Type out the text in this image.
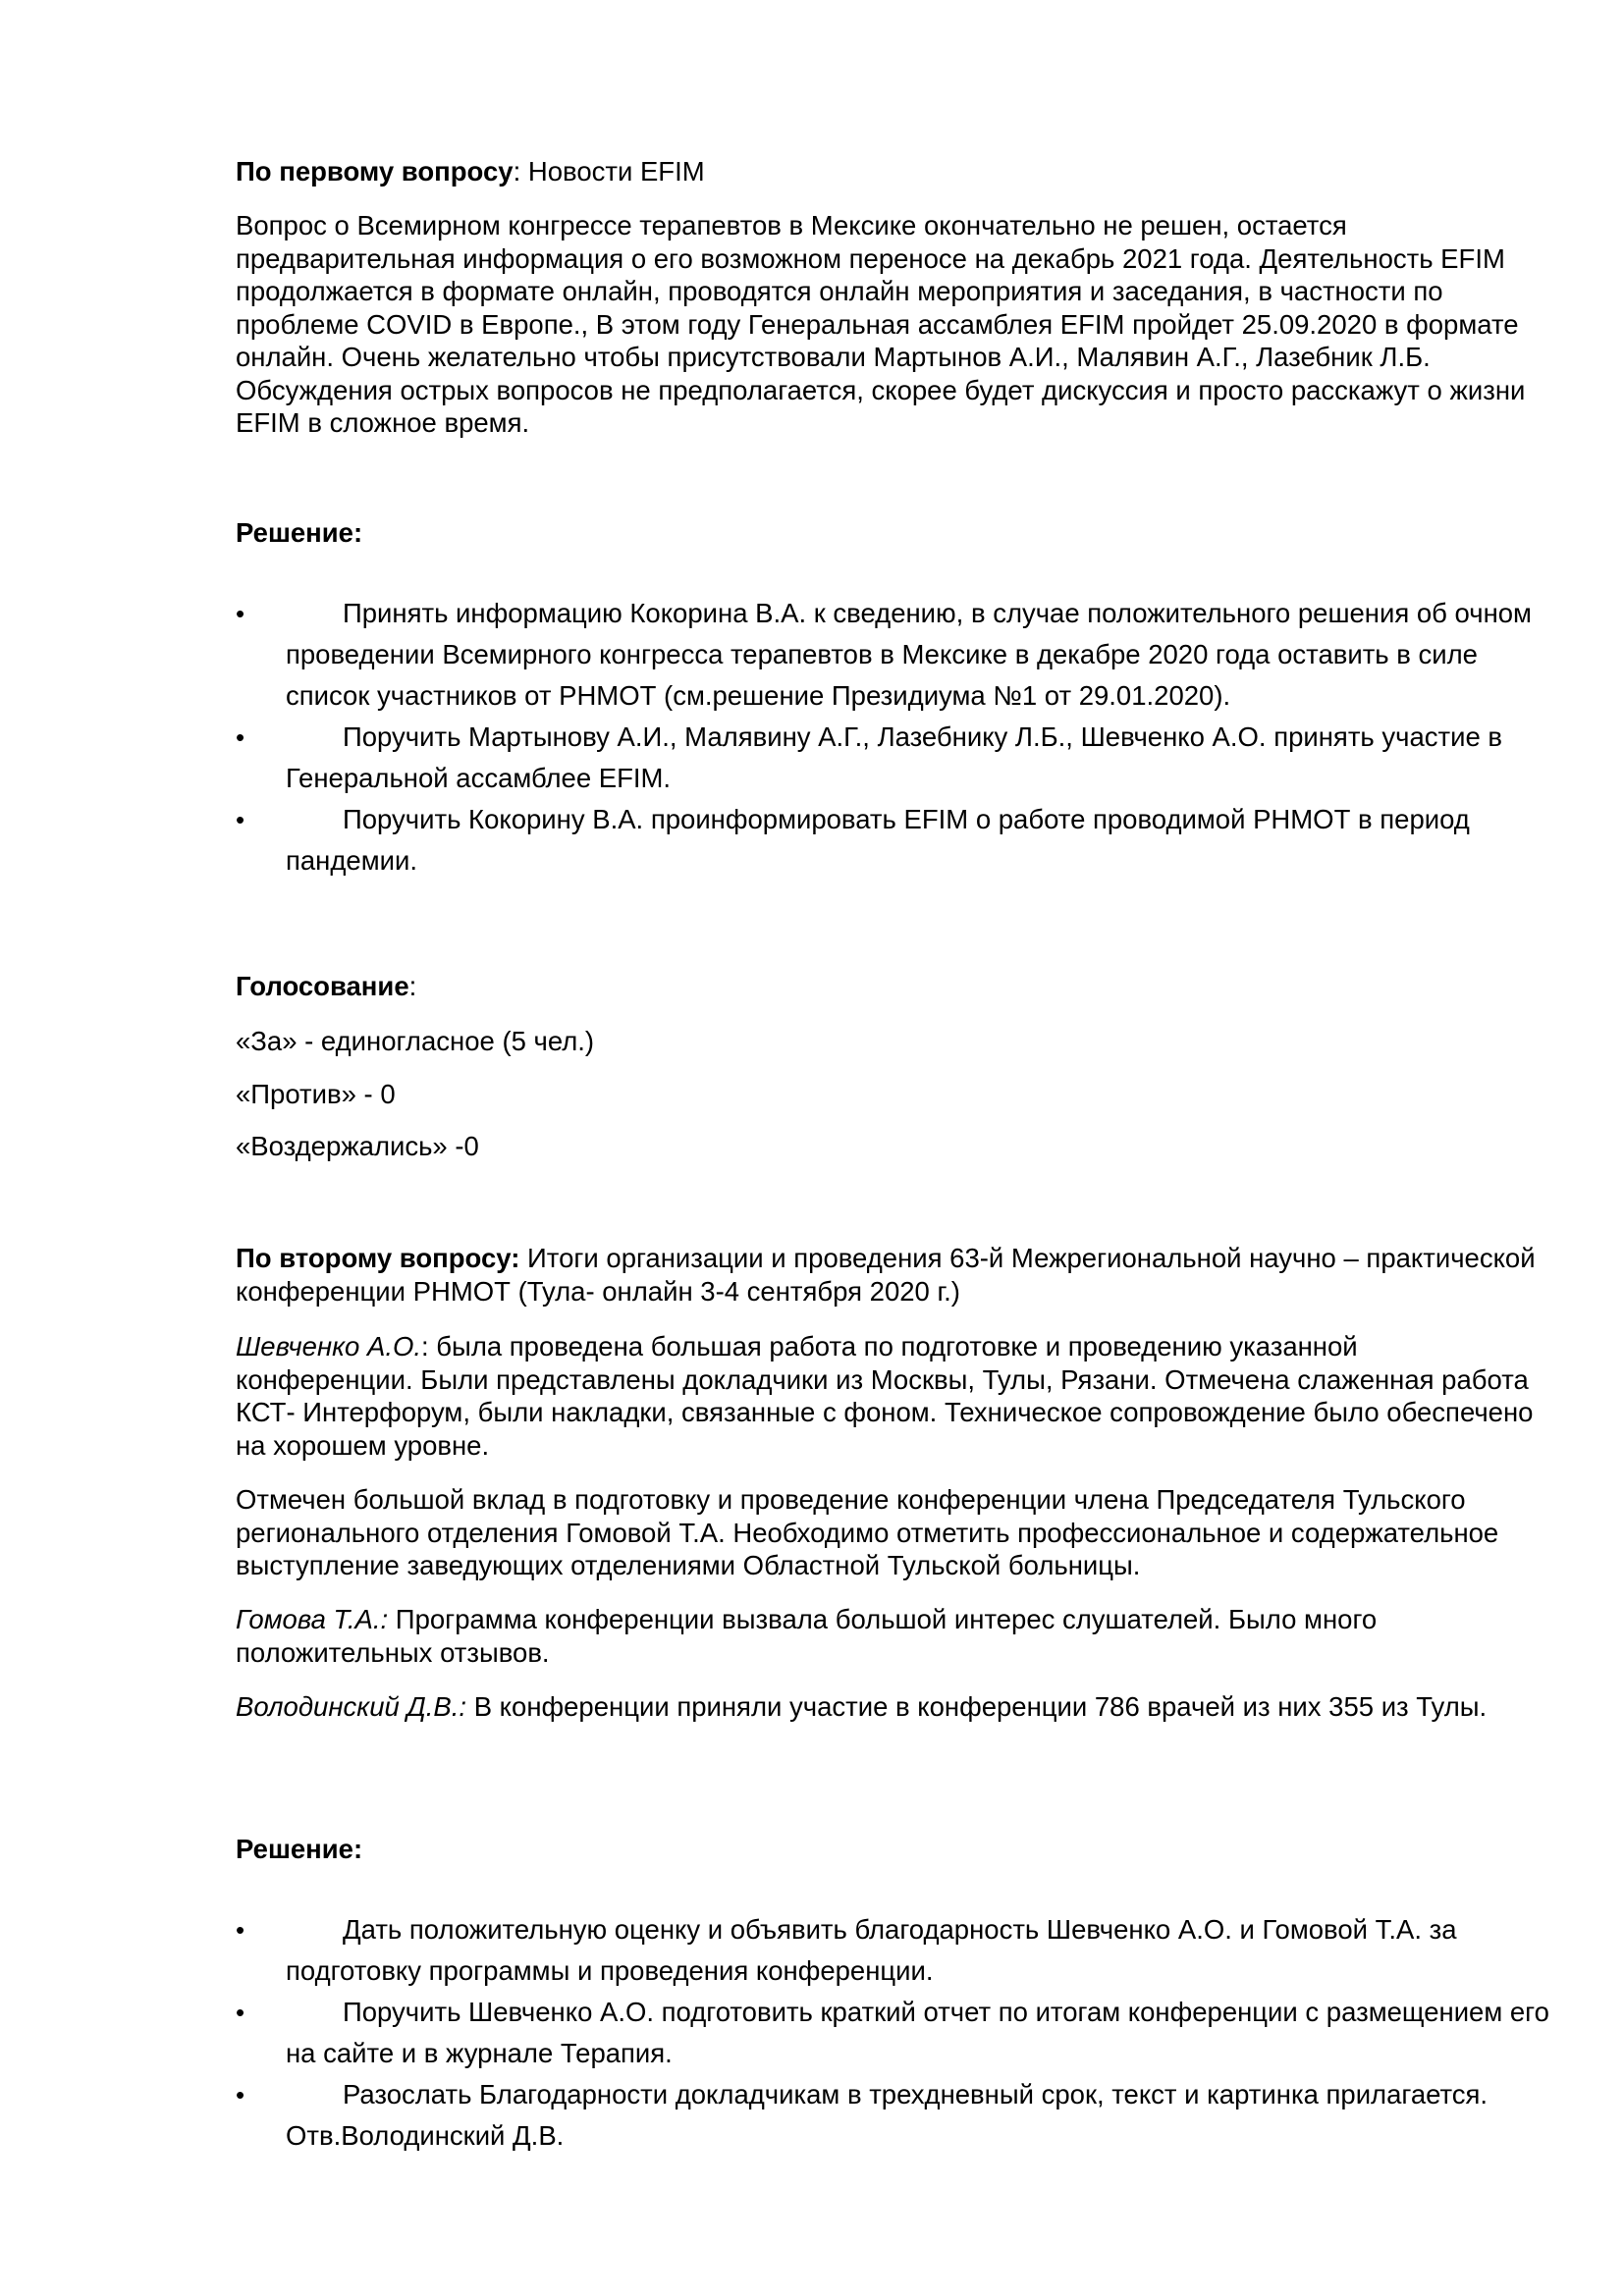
По первому вопросу: Новости EFIM

Вопрос о Всемирном конгрессе терапевтов в Мексике окончательно не решен, остается предварительная информация о его возможном переносе на декабрь 2021 года. Деятельность EFIM продолжается в формате онлайн, проводятся онлайн мероприятия и заседания, в частности по проблеме COVID в Европе., В этом году Генеральная ассамблея EFIM пройдет 25.09.2020 в формате онлайн. Очень желательно чтобы присутствовали Мартынов А.И., Малявин А.Г., Лазебник Л.Б. Обсуждения острых вопросов не предполагается, скорее будет дискуссия и просто расскажут о жизни EFIM в сложное время.

Решение:

•	Принять информацию Кокорина В.А. к сведению, в случае положительного решения об очном проведении Всемирного конгресса терапевтов в Мексике в декабре 2020 года оставить в силе список участников от РНМОТ (см.решение Президиума №1 от 29.01.2020).
•	Поручить Мартынову А.И., Малявину А.Г., Лазебнику Л.Б., Шевченко А.О. принять участие в Генеральной ассамблее EFIM.
•	Поручить Кокорину В.А. проинформировать EFIM о работе проводимой РНМОТ в период пандемии.

Голосование:

«За» - единогласное (5 чел.)

«Против» - 0

«Воздержались» -0

По второму вопросу: Итоги организации и проведения 63-й Межрегиональной научно – практической конференции РНМОТ (Тула- онлайн 3-4 сентября 2020 г.)

Шевченко А.О.: была проведена большая работа по подготовке и проведению указанной конференции. Были представлены докладчики из Москвы, Тулы, Рязани. Отмечена слаженная работа КСТ- Интерфорум, были накладки, связанные с фоном. Техническое сопровождение было обеспечено на хорошем уровне.

Отмечен большой вклад в подготовку и проведение конференции члена Председателя Тульского регионального отделения Гомовой Т.А. Необходимо отметить профессиональное и содержательное выступление заведующих отделениями Областной Тульской больницы.

Гомова Т.А.: Программа конференции вызвала большой интерес слушателей. Было много положительных отзывов.

Володинский Д.В.: В конференции приняли участие в конференции 786 врачей из них 355 из Тулы.

Решение:

•	Дать положительную оценку и объявить благодарность Шевченко А.О. и Гомовой Т.А. за подготовку программы и проведения конференции.
•	Поручить Шевченко А.О. подготовить краткий отчет по итогам конференции с размещением его на сайте и в журнале Терапия.
•	Разослать Благодарности докладчикам в трехдневный срок, текст и картинка прилагается. Отв.Володинский Д.В.
